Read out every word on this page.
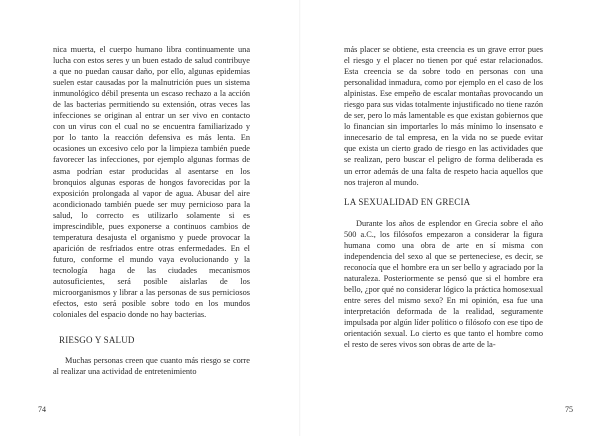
nica muerta, el cuerpo humano libra continuamente una lucha con estos seres y un buen estado de salud contribuye a que no puedan causar daño, por ello, algunas epidemias suelen estar causadas por la malnutrición pues un sistema inmunológico débil presenta un escaso rechazo a la acción de las bacterias permitiendo su extensión, otras veces las infecciones se originan al entrar un ser vivo en contacto con un virus con el cual no se encuentra familiarizado y por lo tanto la reacción defensiva es más lenta. En ocasiones un excesivo celo por la limpieza también puede favorecer las infecciones, por ejemplo algunas formas de asma podrían estar producidas al asentarse en los bronquios algunas esporas de hongos favorecidas por la exposición prolongada al vapor de agua. Abusar del aire acondicionado también puede ser muy pernicioso para la salud, lo correcto es utilizarlo solamente si es imprescindible, pues exponerse a continuos cambios de temperatura desajusta el organismo y puede provocar la aparición de resfriados entre otras enfermedades. En el futuro, conforme el mundo vaya evolucionando y la tecnología haga de las ciudades mecanismos autosuficientes, será posible aislarlas de los microorganismos y librar a las personas de sus perniciosos efectos, esto será posible sobre todo en los mundos coloniales del espacio donde no hay bacterias.

RIESGO Y SALUD

Muchas personas creen que cuanto más riesgo se corre al realizar una actividad de entretenimiento

74

más placer se obtiene, esta creencia es un grave error pues el riesgo y el placer no tienen por qué estar relacionados. Esta creencia se da sobre todo en personas con una personalidad inmadura, como por ejemplo en el caso de los alpinistas. Ese empeño de escalar montañas provocando un riesgo para sus vidas totalmente injustificado no tiene razón de ser, pero lo más lamentable es que existan gobiernos que lo financian sin importarles lo más mínimo lo insensato e innecesario de tal empresa, en la vida no se puede evitar que exista un cierto grado de riesgo en las actividades que se realizan, pero buscar el peligro de forma deliberada es un error además de una falta de respeto hacia aquellos que nos trajeron al mundo.

LA SEXUALIDAD EN GRECIA

Durante los años de esplendor en Grecia sobre el año 500 a.C., los filósofos empezaron a considerar la figura humana como una obra de arte en sí misma con independencia del sexo al que se perteneciese, es decir, se reconocía que el hombre era un ser bello y agraciado por la naturaleza. Posteriormente se pensó que si el hombre era bello, ¿por qué no considerar lógico la práctica homosexual entre seres del mismo sexo? En mi opinión, esa fue una interpretación deformada de la realidad, seguramente impulsada por algún líder político o filósofo con ese tipo de orientación sexual. Lo cierto es que tanto el hombre como el resto de seres vivos son obras de arte de la-

75
